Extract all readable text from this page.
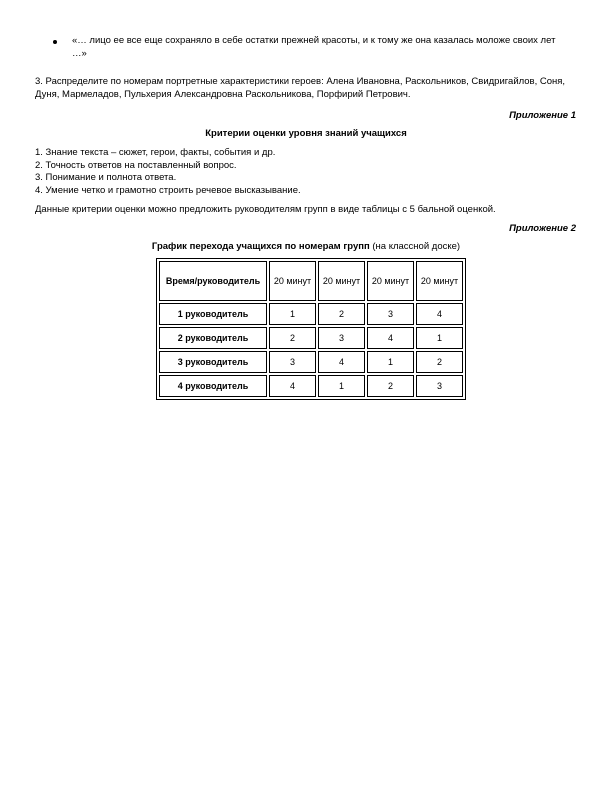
«… лицо ее все еще сохраняло в себе остатки прежней красоты, и к тому же она казалась моложе своих лет …»
3. Распределите по номерам портретные характеристики героев: Алена Ивановна, Раскольников, Свидригайлов, Соня, Дуня, Мармеладов, Пульхерия Александровна Раскольникова, Порфирий Петрович.
Приложение 1
Критерии оценки уровня знаний учащихся
1. Знание текста – сюжет, герои, факты, события и др.
2. Точность ответов на поставленный вопрос.
3. Понимание и полнота ответа.
4. Умение четко и грамотно строить речевое высказывание.
Данные критерии оценки можно предложить руководителям групп в виде таблицы с 5 бальной оценкой.
Приложение 2
График перехода учащихся по номерам групп (на классной доске)
Время/руководитель	20 минут	20 минут	20 минут	20 минут

1 руководитель	1	2	3	4
2 руководитель	2	3	4	1
3 руководитель	3	4	1	2
4 руководитель	4	1	2	3
